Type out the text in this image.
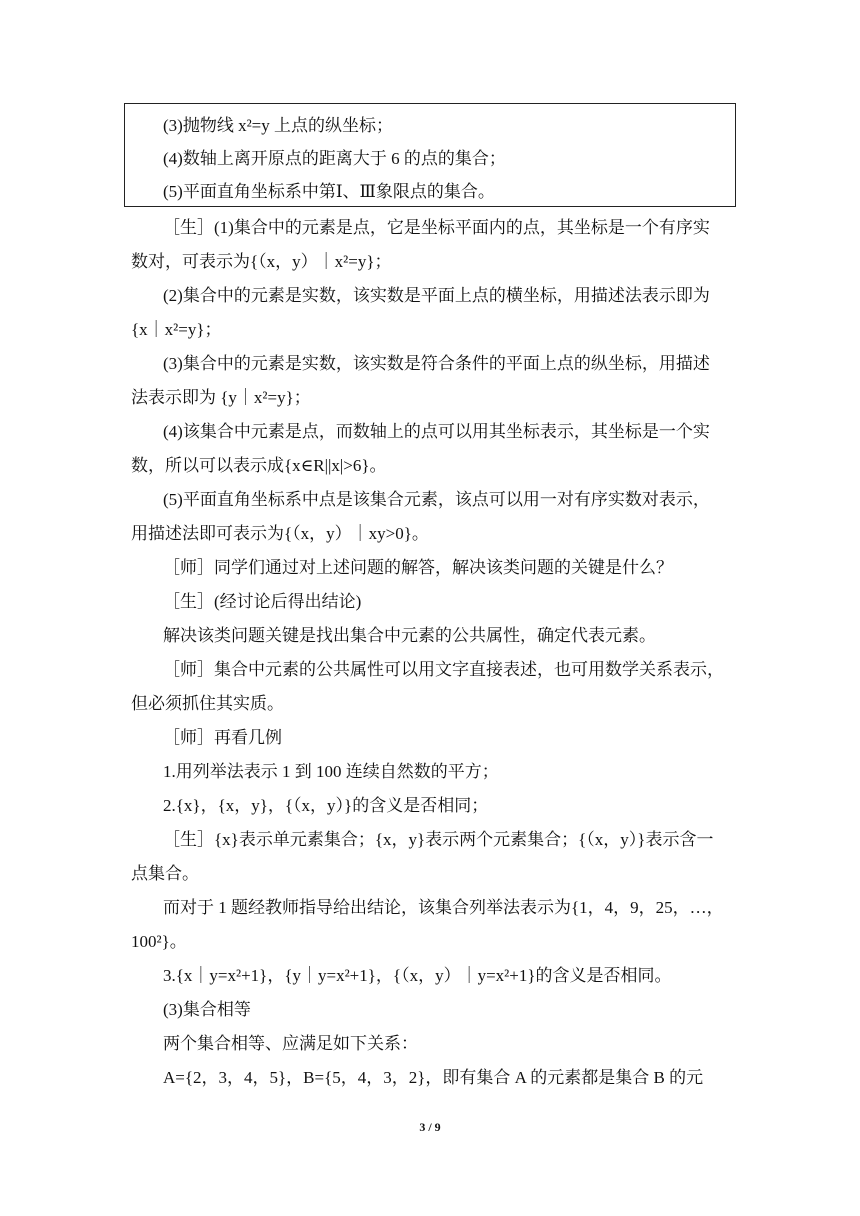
(3)抛物线 x²=y 上点的纵坐标；
(4)数轴上离开原点的距离大于 6 的点的集合；
(5)平面直角坐标系中第Ⅰ、Ⅲ象限点的集合。
［生］(1)集合中的元素是点，它是坐标平面内的点，其坐标是一个有序实
数对，可表示为{（x，y）｜x²=y}；
(2)集合中的元素是实数，该实数是平面上点的横坐标，用描述法表示即为
{x｜x²=y}；
(3)集合中的元素是实数，该实数是符合条件的平面上点的纵坐标，用描述
法表示即为 {y｜x²=y}；
(4)该集合中元素是点，而数轴上的点可以用其坐标表示，其坐标是一个实
数，所以可以表示成{x∈R||x|>6}。
(5)平面直角坐标系中点是该集合元素，该点可以用一对有序实数对表示，
用描述法即可表示为{（x，y）｜xy>0}。
［师］同学们通过对上述问题的解答，解决该类问题的关键是什么？
［生］(经讨论后得出结论)
解决该类问题关键是找出集合中元素的公共属性，确定代表元素。
［师］集合中元素的公共属性可以用文字直接表述，也可用数学关系表示，
但必须抓住其实质。
［师］再看几例
1.用列举法表示 1 到 100 连续自然数的平方；
2.{x}，{x，y}，{（x，y）}的含义是否相同；
［生］{x}表示单元素集合；{x，y}表示两个元素集合；{（x，y）}表示含一
点集合。
而对于 1 题经教师指导给出结论，该集合列举法表示为{1，4，9，25，…，
100²}。
3.{x｜y=x²+1}，{y｜y=x²+1}，{（x，y）｜y=x²+1}的含义是否相同。
(3)集合相等
两个集合相等、应满足如下关系：
A={2，3，4，5}，B={5，4，3，2}，即有集合 A 的元素都是集合 B 的元
3 / 9
